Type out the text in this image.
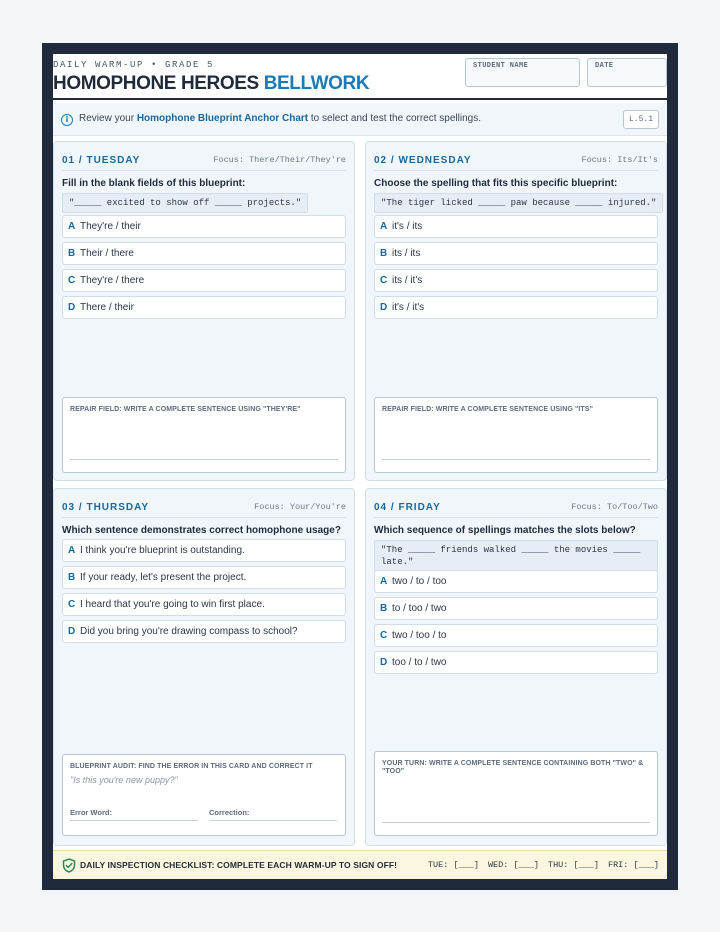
DAILY WARM-UP • GRADE 5
HOMOPHONE HEROES BELLWORK
STUDENT NAME	DATE
i	Review your Homophone Blueprint Anchor Chart to select and test the correct spellings.	L.5.1
01 / TUESDAY	Focus: There/Their/They're
Fill in the blank fields of this blueprint:
"_____ excited to show off _____ projects."
A They're / their
B Their / there
C They're / there
D There / their
REPAIR FIELD: WRITE A COMPLETE SENTENCE USING "THEY'RE"
02 / WEDNESDAY	Focus: Its/It's
Choose the spelling that fits this specific blueprint:
"The tiger licked _____ paw because _____ injured."
A it's / its
B its / its
C its / it's
D it's / it's
REPAIR FIELD: WRITE A COMPLETE SENTENCE USING "ITS"
03 / THURSDAY	Focus: Your/You're
Which sentence demonstrates correct homophone usage?
A I think you're blueprint is outstanding.
B If your ready, let's present the project.
C I heard that you're going to win first place.
D Did you bring you're drawing compass to school?
BLUEPRINT AUDIT: FIND THE ERROR IN THIS CARD AND CORRECT IT
"Is this you're new puppy?"
Error Word:	Correction:
04 / FRIDAY	Focus: To/Too/Two
Which sequence of spellings matches the slots below?
"The _____ friends walked _____ the movies _____ late."
A two / to / too
B to / too / two
C two / too / to
D too / to / two
YOUR TURN: WRITE A COMPLETE SENTENCE CONTAINING BOTH "TWO" & "TOO"
DAILY INSPECTION CHECKLIST: COMPLETE EACH WARM-UP TO SIGN OFF!	TUE: [___] WED: [___] THU: [___] FRI: [___]
